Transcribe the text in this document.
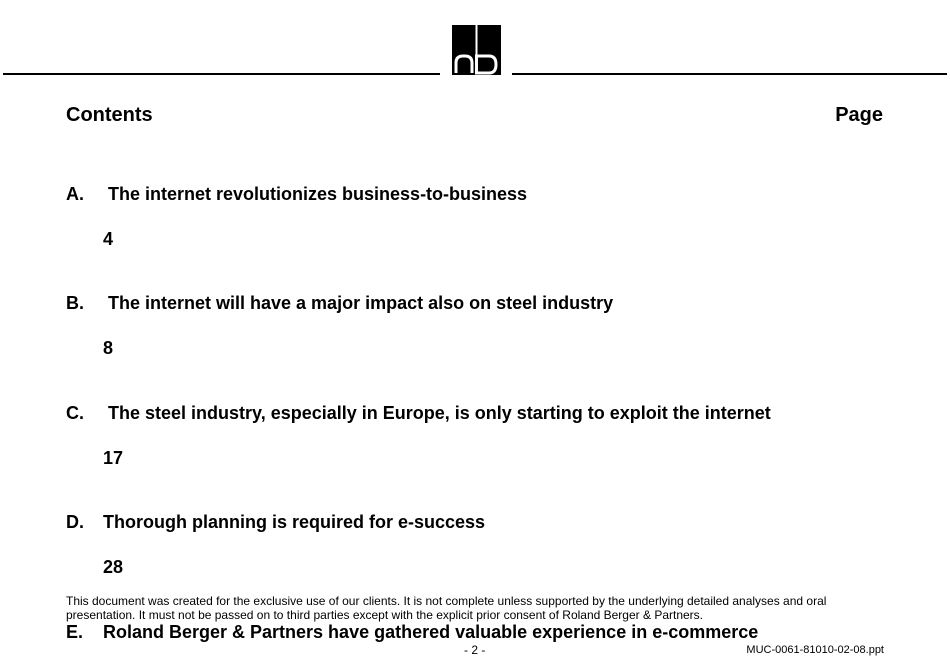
Contents	Page
A. The internet revolutionizes business-to-business
4
B. The internet will have a major impact also on steel industry
8
C. The steel industry, especially in Europe, is only starting to exploit the internet
17
D. Thorough planning is required for e-success
28
This document was created for the exclusive use of our clients. It is not complete unless supported by the underlying detailed analyses and oral presentation. It must not be passed on to third parties except with the explicit prior consent of Roland Berger & Partners.
E. Roland Berger & Partners have gathered valuable experience in e-commerce
- 2 -	MUC-0061-81010-02-08.ppt
